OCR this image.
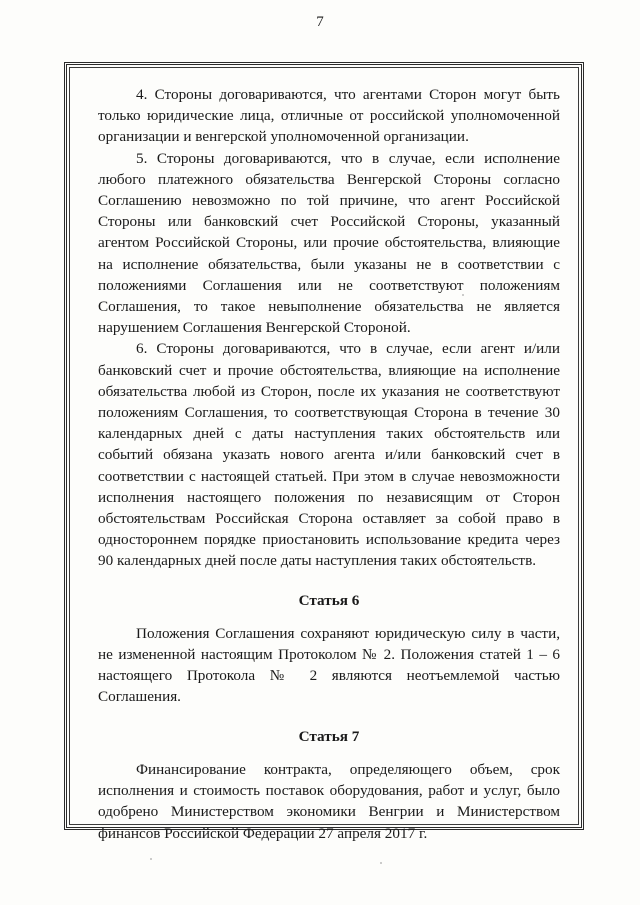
7

4. Стороны договариваются, что агентами Сторон могут быть только юридические лица, отличные от российской уполномоченной организации и венгерской уполномоченной организации.

5. Стороны договариваются, что в случае, если исполнение любого платежного обязательства Венгерской Стороны согласно Соглашению невозможно по той причине, что агент Российской Стороны или банковский счет Российской Стороны, указанный агентом Российской Стороны, или прочие обстоятельства, влияющие на исполнение обязательства, были указаны не в соответствии с положениями Соглашения или не соответствуют положениям Соглашения, то такое невыполнение обязательства не является нарушением Соглашения Венгерской Стороной.

6. Стороны договариваются, что в случае, если агент и/или банковский счет и прочие обстоятельства, влияющие на исполнение обязательства любой из Сторон, после их указания не соответствуют положениям Соглашения, то соответствующая Сторона в течение 30 календарных дней с даты наступления таких обстоятельств или событий обязана указать нового агента и/или банковский счет в соответствии с настоящей статьей. При этом в случае невозможности исполнения настоящего положения по независящим от Сторон обстоятельствам Российская Сторона оставляет за собой право в одностороннем порядке приостановить использование кредита через 90 календарных дней после даты наступления таких обстоятельств.

Статья 6

Положения Соглашения сохраняют юридическую силу в части, не измененной настоящим Протоколом № 2. Положения статей 1 – 6 настоящего Протокола № 2 являются неотъемлемой частью Соглашения.

Статья 7

Финансирование контракта, определяющего объем, срок исполнения и стоимость поставок оборудования, работ и услуг, было одобрено Министерством экономики Венгрии и Министерством финансов Российской Федерации 27 апреля 2017 г.
